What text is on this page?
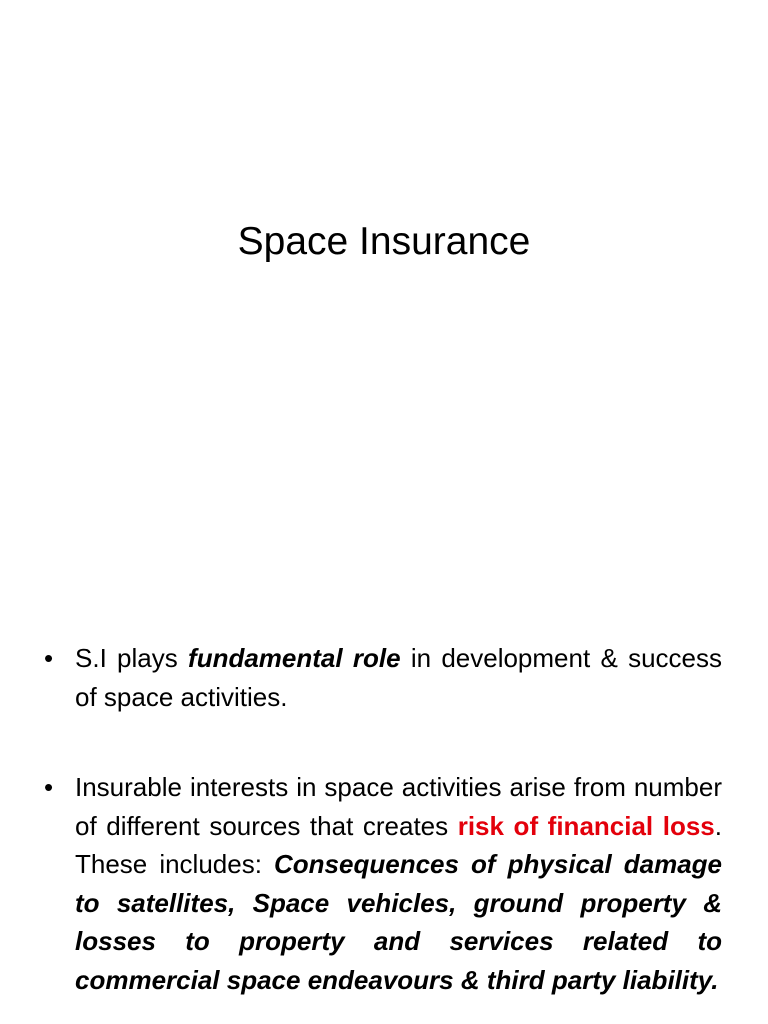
Space Insurance
• S.I plays fundamental role in development & success of space activities.
• Insurable interests in space activities arise from number of different sources that creates risk of financial loss. These includes: Consequences of physical damage to satellites, Space vehicles, ground property & losses to property and services related to commercial space endeavours & third party liability.
